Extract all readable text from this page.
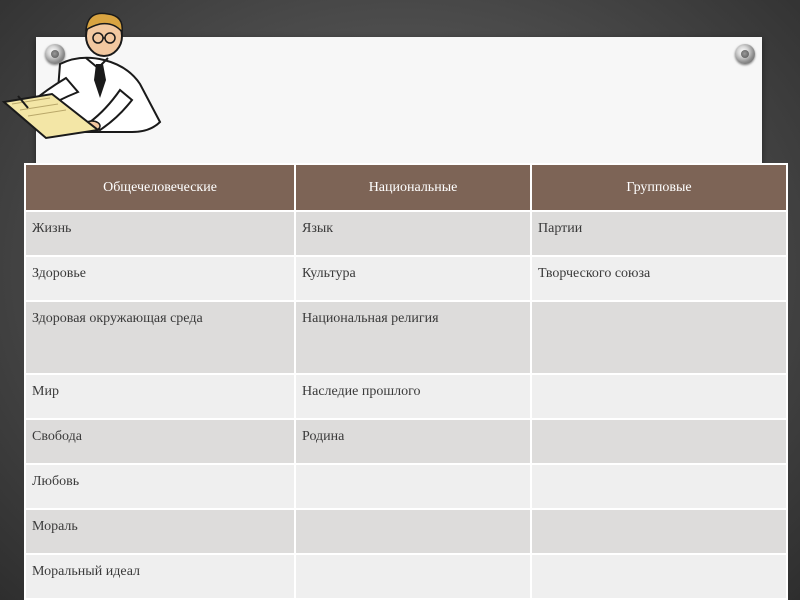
Общечеловеческие	Национальные	Групповые
Жизнь	Язык	Партии
Здоровье	Культура	Творческого союза
Здоровая окружающая среда	Национальная религия	
Мир	Наследие прошлого	
Свобода	Родина	
Любовь		
Мораль		
Моральный идеал		
